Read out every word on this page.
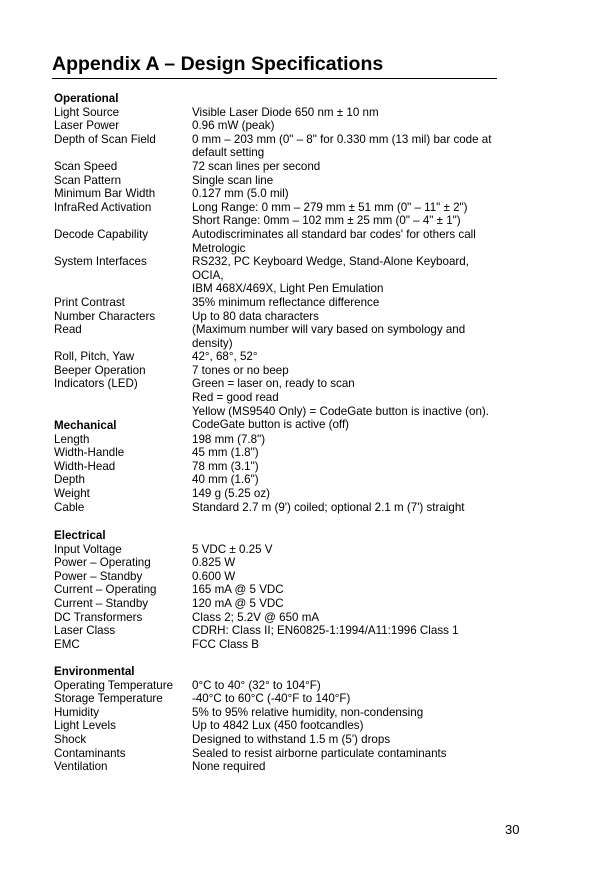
Appendix A – Design Specifications
Operational
Light Source	Visible Laser Diode 650 nm ± 10 nm
Laser Power	0.96 mW (peak)
Depth of Scan Field	0 mm – 203 mm (0" – 8" for 0.330 mm (13 mil) bar code at
default setting
Scan Speed	72 scan lines per second
Scan Pattern	Single scan line
Minimum Bar Width	0.127 mm (5.0 mil)
InfraRed Activation	Long Range: 0 mm – 279 mm ± 51 mm (0" – 11" ± 2")
Short Range: 0mm – 102 mm ± 25 mm (0" – 4" ± 1")
Decode Capability	Autodiscriminates all standard bar codes' for others call
Metrologic
System Interfaces	RS232, PC Keyboard Wedge, Stand-Alone Keyboard, OCIA,
IBM 468X/469X, Light Pen Emulation
Print Contrast	35% minimum reflectance difference
Number Characters	Up to 80 data characters
Read	(Maximum number will vary based on symbology and density)
Roll, Pitch, Yaw	42°, 68°, 52°
Beeper Operation	7 tones or no beep
Indicators (LED)	Green = laser on, ready to scan
Red = good read
Yellow (MS9540 Only) = CodeGate button is inactive (on).
CodeGate button is active (off)
Mechanical
Length	198 mm (7.8")
Width-Handle	45 mm (1.8")
Width-Head	78 mm (3.1")
Depth	40 mm (1.6")
Weight	149 g (5.25 oz)
Cable	Standard 2.7 m (9') coiled; optional 2.1 m (7') straight
Electrical
Input Voltage	5 VDC ± 0.25 V
Power – Operating	0.825 W
Power – Standby	0.600 W
Current – Operating	165 mA @ 5 VDC
Current – Standby	120 mA @ 5 VDC
DC Transformers	Class 2; 5.2V @ 650 mA
Laser Class	CDRH: Class II; EN60825-1:1994/A11:1996 Class 1
EMC	FCC Class B
Environmental
Operating Temperature	0°C to 40° (32° to 104°F)
Storage Temperature	-40°C to 60°C (-40°F to 140°F)
Humidity	5% to 95% relative humidity, non-condensing
Light Levels	Up to 4842 Lux (450 footcandles)
Shock	Designed to withstand 1.5 m (5') drops
Contaminants	Sealed to resist airborne particulate contaminants
Ventilation	None required
30
